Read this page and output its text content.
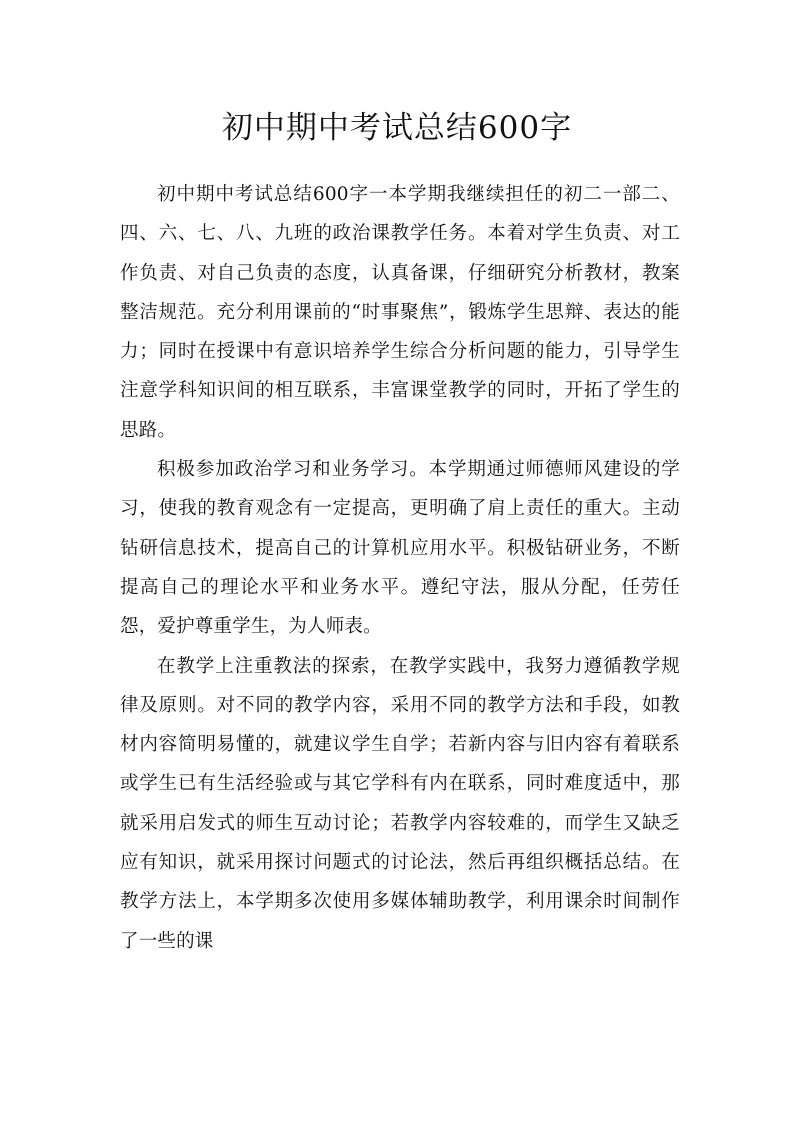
初中期中考试总结600字

初中期中考试总结600字一本学期我继续担任的初二一部二、四、六、七、八、九班的政治课教学任务。本着对学生负责、对工作负责、对自己负责的态度，认真备课，仔细研究分析教材，教案整洁规范。充分利用课前的“时事聚焦”，锻炼学生思辩、表达的能力；同时在授课中有意识培养学生综合分析问题的能力，引导学生注意学科知识间的相互联系，丰富课堂教学的同时，开拓了学生的思路。

积极参加政治学习和业务学习。本学期通过师德师风建设的学习，使我的教育观念有一定提高，更明确了肩上责任的重大。主动钻研信息技术，提高自己的计算机应用水平。积极钻研业务，不断提高自己的理论水平和业务水平。遵纪守法，服从分配，任劳任怨，爱护尊重学生，为人师表。

在教学上注重教法的探索，在教学实践中，我努力遵循教学规律及原则。对不同的教学内容，采用不同的教学方法和手段，如教材内容简明易懂的，就建议学生自学；若新内容与旧内容有着联系或学生已有生活经验或与其它学科有内在联系，同时难度适中，那就采用启发式的师生互动讨论；若教学内容较难的，而学生又缺乏应有知识，就采用探讨问题式的讨论法，然后再组织概括总结。在教学方法上，本学期多次使用多媒体辅助教学，利用课余时间制作了一些的课
